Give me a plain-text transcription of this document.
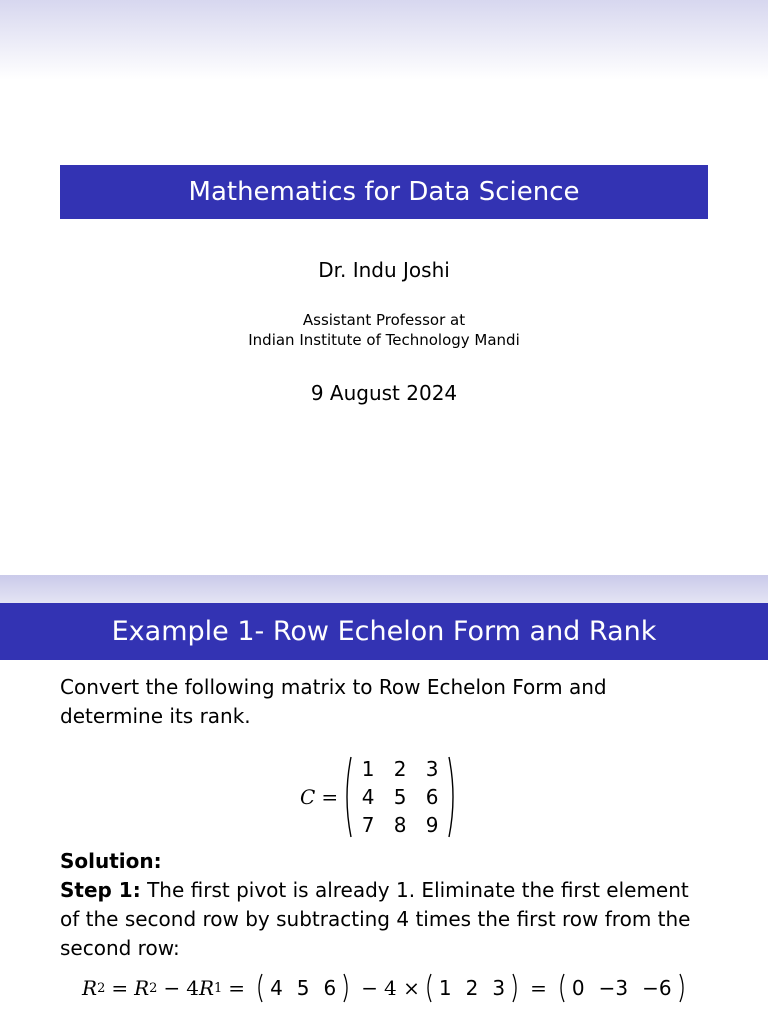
Mathematics for Data Science
Dr. Indu Joshi
Assistant Professor at
Indian Institute of Technology Mandi
9 August 2024
Example 1- Row Echelon Form and Rank
Convert the following matrix to Row Echelon Form and determine its rank.
C =
1 2 3
4 5 6
7 8 9
Solution:
Step 1: The first pivot is already 1. Eliminate the first element of the second row by subtracting 4 times the first row from the second row:
R 2 = R 2 − 4 R 1 =	4 5 6	− 4 × 1 2 3	=	0 −3 −6
